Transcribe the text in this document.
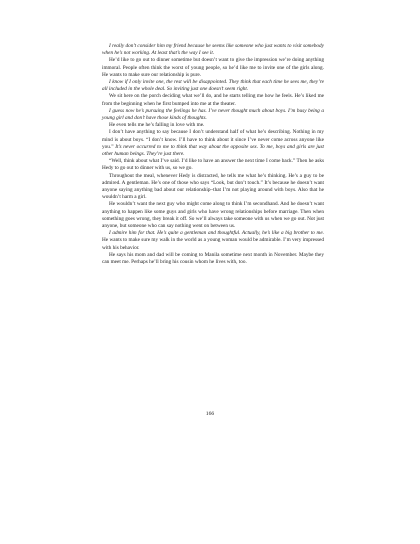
I really don’t consider him my friend because he seems like someone who just wants to visit somebody when he’s not working. At least that’s the way I see it.

He’d like to go out to dinner sometime but doesn’t want to give the impression we’re doing anything immoral. People often think the worst of young people, so he’d like me to invite one of the girls along. He wants to make sure our relationship is pure.

I know if I only invite one, the rest will be disappointed. They think that each time he sees me, they’re all included in the whole deal. So inviting just one doesn’t seem right.

We sit here on the porch deciding what we’ll do, and he starts telling me how he feels. He’s liked me from the beginning when he first bumped into me at the theater.

I guess now he’s pursuing the feelings he has. I’ve never thought much about boys. I’m busy being a young girl and don’t have those kinds of thoughts.

He even tells me he’s falling in love with me.

I don’t have anything to say because I don’t understand half of what he’s describing. Nothing in my mind is about boys. “I don’t know. I’ll have to think about it since I’ve never come across anyone like you.” It’s never occurred to me to think that way about the opposite sex. To me, boys and girls are just other human beings. They’re just there.

“Well, think about what I’ve said. I’d like to have an answer the next time I come back.” Then he asks Hedy to go out to dinner with us, so we go.

Throughout the meal, whenever Hedy is distracted, he tells me what he’s thinking. He’s a guy to be admired. A gentleman. He’s one of those who says “Look, but don’t touch.” It’s because he doesn’t want anyone saying anything bad about our relationship–that I’m not playing around with boys. Also that he wouldn’t harm a girl.

He wouldn’t want the next guy who might come along to think I’m secondhand. And he doesn’t want anything to happen like some guys and girls who have wrong relationships before marriage. Then when something goes wrong, they break it off. So we’ll always take someone with us when we go out. Not just anyone, but someone who can say nothing went on between us.

I admire him for that. He’s quite a gentleman and thoughtful. Actually, he’s like a big brother to me. He wants to make sure my walk in the world as a young woman would be admirable. I’m very impressed with his behavior.

He says his mom and dad will be coming to Manila sometime next month in November. Maybe they can meet me. Perhaps he’ll bring his cousin whom he lives with, too.

166
